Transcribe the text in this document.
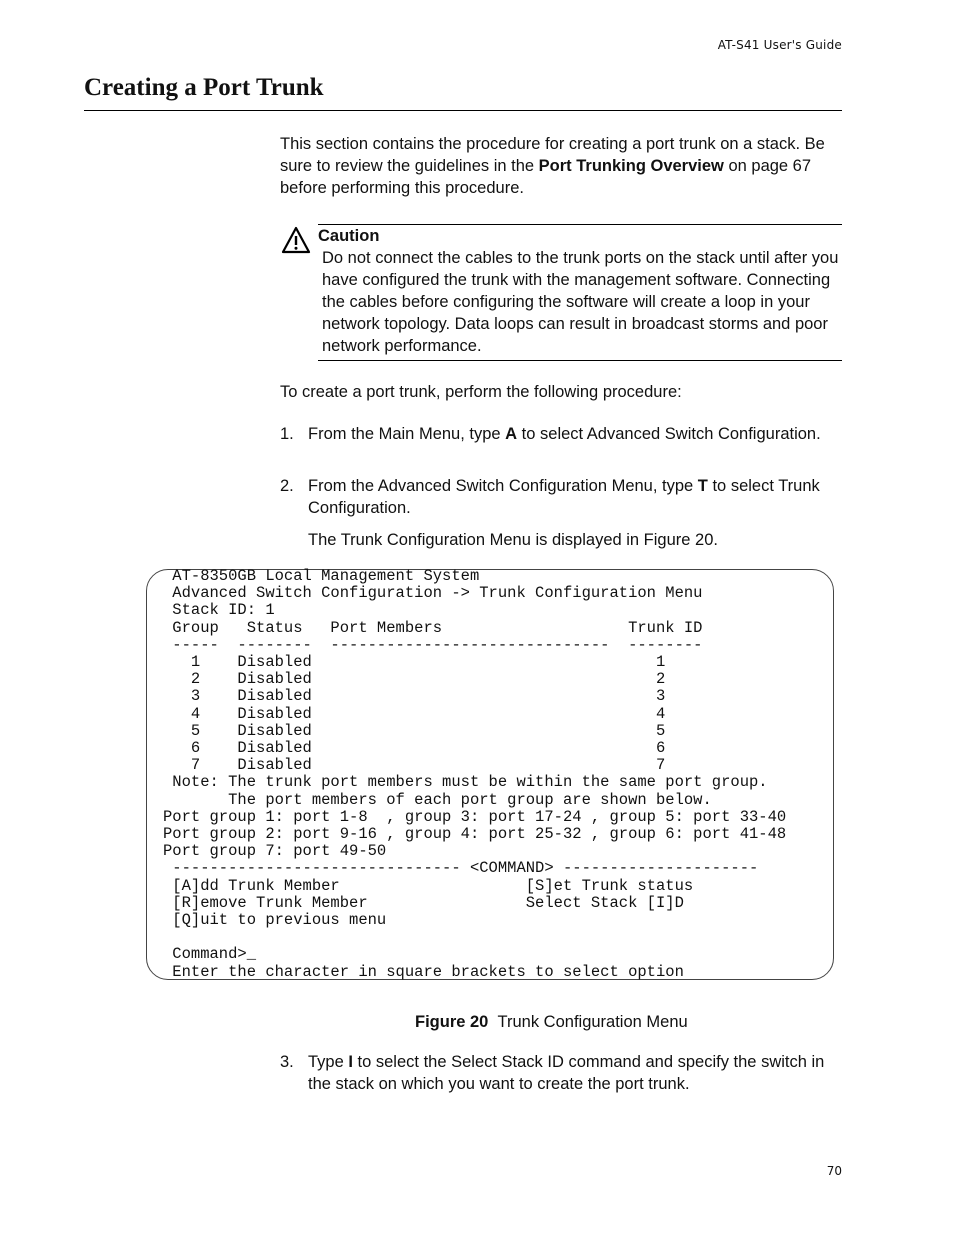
AT-S41 User's Guide
Creating a Port Trunk
This section contains the procedure for creating a port trunk on a stack. Be sure to review the guidelines in the Port Trunking Overview on page 67 before performing this procedure.
Caution
Do not connect the cables to the trunk ports on the stack until after you have configured the trunk with the management software. Connecting the cables before configuring the software will create a loop in your network topology. Data loops can result in broadcast storms and poor network performance.
To create a port trunk, perform the following procedure:
1. From the Main Menu, type A to select Advanced Switch Configuration.
2. From the Advanced Switch Configuration Menu, type T to select Trunk Configuration.
The Trunk Configuration Menu is displayed in Figure 20.
AT-8350GB Local Management System
Advanced Switch Configuration -> Trunk Configuration Menu
Stack ID: 1
Group   Status   Port Members                    Trunk ID
-----  --------  ------------------------------  --------
1    Disabled                                     1
2    Disabled                                     2
3    Disabled                                     3
4    Disabled                                     4
5    Disabled                                     5
6    Disabled                                     6
7    Disabled                                     7
Note: The trunk port members must be within the same port group.
The port members of each port group are shown below.
Port group 1: port 1-8  , group 3: port 17-24 , group 5: port 33-40
Port group 2: port 9-16 , group 4: port 25-32 , group 6: port 41-48
Port group 7: port 49-50
------------------------------- <COMMAND> ---------------------
[A]dd Trunk Member                    [S]et Trunk status
[R]emove Trunk Member                 Select Stack [I]D
[Q]uit to previous menu
Command>_
Enter the character in square brackets to select option
Figure 20 Trunk Configuration Menu
3. Type I to select the Select Stack ID command and specify the switch in the stack on which you want to create the port trunk.
70
